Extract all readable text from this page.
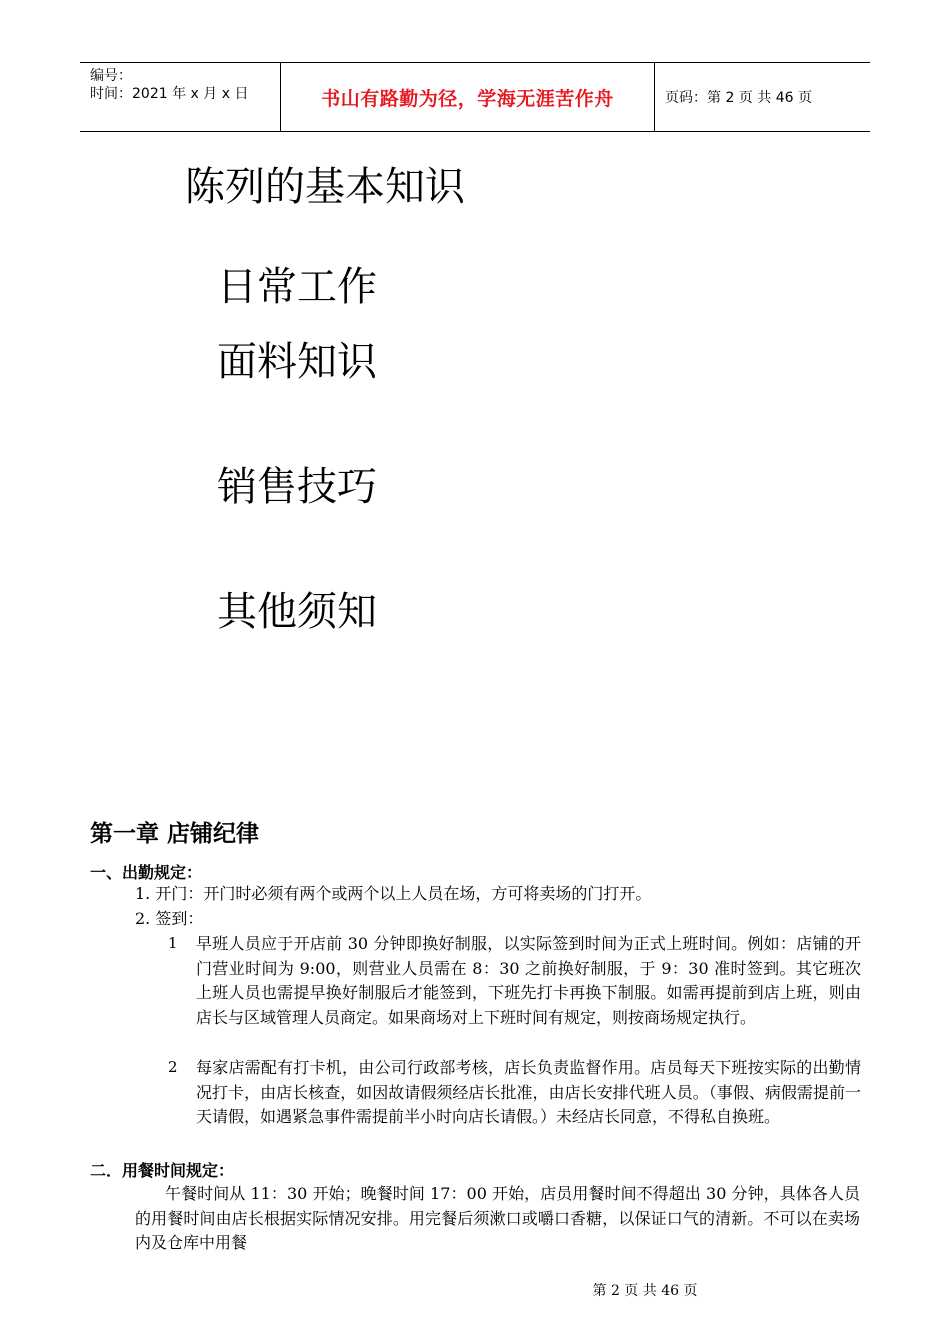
编号：
时间：2021 年 x 月 x 日	书山有路勤为径，学海无涯苦作舟	页码：第 2 页 共 46 页
陈列的基本知识
日常工作
面料知识
销售技巧
其他须知
第一章 店铺纪律
一、出勤规定：
1. 开门：开门时必须有两个或两个以上人员在场，方可将卖场的门打开。
2. 签到：
1 早班人员应于开店前 30 分钟即换好制服，以实际签到时间为正式上班时间。例如：店铺的开门营业时间为 9:00，则营业人员需在 8：30 之前换好制服，于 9：30 准时签到。其它班次上班人员也需提早换好制服后才能签到，下班先打卡再换下制服。如需再提前到店上班，则由店长与区域管理人员商定。如果商场对上下班时间有规定，则按商场规定执行。
2 每家店需配有打卡机，由公司行政部考核，店长负责监督作用。店员每天下班按实际的出勤情况打卡，由店长核查，如因故请假须经店长批准，由店长安排代班人员。（事假、病假需提前一天请假，如遇紧急事件需提前半小时向店长请假。）未经店长同意，不得私自换班。
二．用餐时间规定：
午餐时间从 11：30 开始；晚餐时间 17：00 开始，店员用餐时间不得超出 30 分钟，具体各人员的用餐时间由店长根据实际情况安排。用完餐后须漱口或嚼口香糖，以保证口气的清新。不可以在卖场内及仓库中用餐
第 2 页 共 46 页
